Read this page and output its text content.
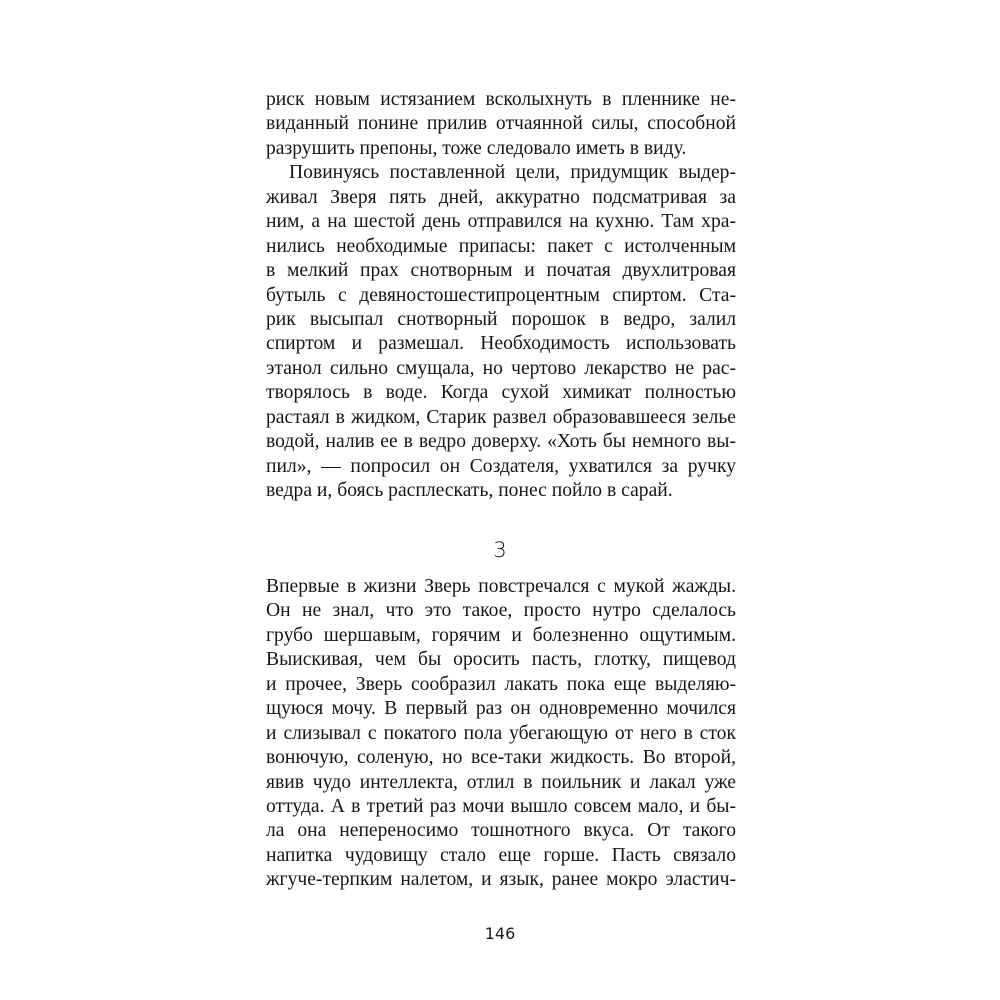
риск новым истязанием всколыхнуть в пленнике не-
виданный понине прилив отчаянной силы, способной
разрушить препоны, тоже следовало иметь в виду.
Повинуясь поставленной цели, придумщик выдер-
живал Зверя пять дней, аккуратно подсматривая за
ним, а на шестой день отправился на кухню. Там хра-
нились необходимые припасы: пакет с истолченным
в мелкий прах снотворным и початая двухлитровая
бутыль с девяностошестипроцентным спиртом. Ста-
рик высыпал снотворный порошок в ведро, залил
спиртом и размешал. Необходимость использовать
этанол сильно смущала, но чертово лекарство не рас-
творялось в воде. Когда сухой химикат полностью
растаял в жидком, Старик развел образовавшееся зелье
водой, налив ее в ведро доверху. «Хоть бы немного вы-
пил», — попросил он Создателя, ухватился за ручку
ведра и, боясь расплескать, понес пойло в сарай.
3
Впервые в жизни Зверь повстречался с мукой жажды.
Он не знал, что это такое, просто нутро сделалось
грубо шершавым, горячим и болезненно ощутимым.
Выискивая, чем бы оросить пасть, глотку, пищевод
и прочее, Зверь сообразил лакать пока еще выделяю-
щуюся мочу. В первый раз он одновременно мочился
и слизывал с покатого пола убегающую от него в сток
вонючую, соленую, но все-таки жидкость. Во второй,
явив чудо интеллекта, отлил в поильник и лакал уже
оттуда. А в третий раз мочи вышло совсем мало, и бы-
ла она непереносимо тошнотного вкуса. От такого
напитка чудовищу стало еще горше. Пасть связало
жгуче-терпким налетом, и язык, ранее мокро эластич-
146
